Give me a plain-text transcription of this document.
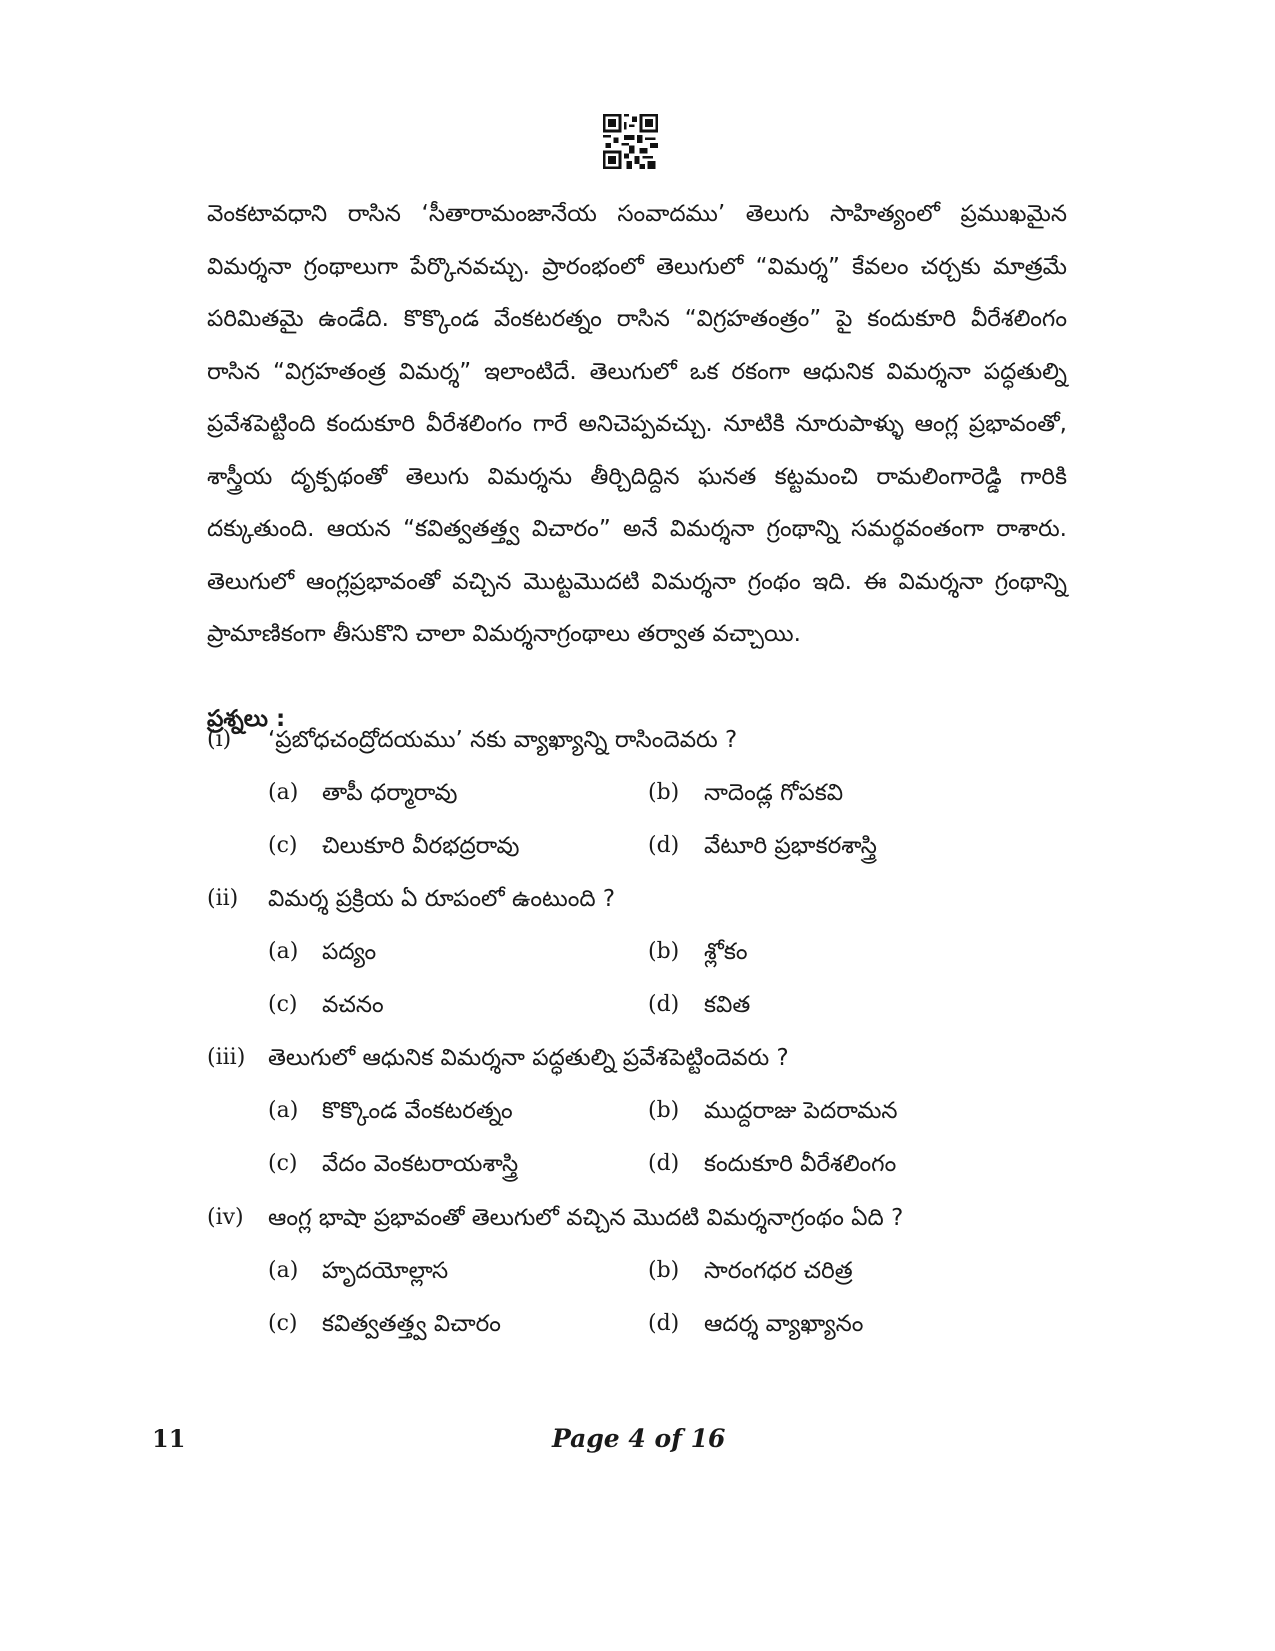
వెంకటావధాని రాసిన ‘సీతారామంజానేయ సంవాదము’ తెలుగు సాహిత్యంలో ప్రముఖమైన విమర్శనా గ్రంథాలుగా పేర్కొనవచ్చు. ప్రారంభంలో తెలుగులో “విమర్శ” కేవలం చర్చకు మాత్రమే పరిమితమై ఉండేది. కొక్కొండ వేంకటరత్నం రాసిన “విగ్రహతంత్రం” పై కందుకూరి వీరేశలింగం రాసిన “విగ్రహతంత్ర విమర్శ” ఇలాంటిదే. తెలుగులో ఒక రకంగా ఆధునిక విమర్శనా పద్ధతుల్ని ప్రవేశపెట్టింది కందుకూరి వీరేశలింగం గారే అనిచెప్పవచ్చు. నూటికి నూరుపాళ్ళు ఆంగ్ల ప్రభావంతో, శాస్త్రీయ దృక్పథంతో తెలుగు విమర్శను తీర్చిదిద్దిన ఘనత కట్టమంచి రామలింగారెడ్డి గారికి దక్కుతుంది. ఆయన “కవిత్వతత్త్వ విచారం” అనే విమర్శనా గ్రంథాన్ని సమర్థవంతంగా రాశారు. తెలుగులో ఆంగ్లప్రభావంతో వచ్చిన మొట్టమొదటి విమర్శనా గ్రంథం ఇది. ఈ విమర్శనా గ్రంథాన్ని ప్రామాణికంగా తీసుకొని చాలా విమర్శనాగ్రంథాలు తర్వాత వచ్చాయి.

ప్రశ్నలు :
(i) ‘ప్రబోధచంద్రోదయము’ నకు వ్యాఖ్యాన్ని రాసిందెవరు ?
(a) తాపీ ధర్మారావు	(b) నాదెండ్ల గోపకవి
(c) చిలుకూరి వీరభద్రరావు	(d) వేటూరి ప్రభాకరశాస్త్రి
(ii) విమర్శ ప్రక్రియ ఏ రూపంలో ఉంటుంది ?
(a) పద్యం	(b) శ్లోకం
(c) వచనం	(d) కవిత
(iii) తెలుగులో ఆధునిక విమర్శనా పద్ధతుల్ని ప్రవేశపెట్టిందెవరు ?
(a) కొక్కొండ వేంకటరత్నం	(b) ముద్దరాజు పెదరామన
(c) వేదం వెంకటరాయశాస్త్రి	(d) కందుకూరి వీరేశలింగం
(iv) ఆంగ్ల భాషా ప్రభావంతో తెలుగులో వచ్చిన మొదటి విమర్శనాగ్రంథం ఏది ?
(a) హృదయోల్లాస	(b) సారంగధర చరిత్ర
(c) కవిత్వతత్త్వ విచారం	(d) ఆదర్శ వ్యాఖ్యానం
11	Page 4 of 16
